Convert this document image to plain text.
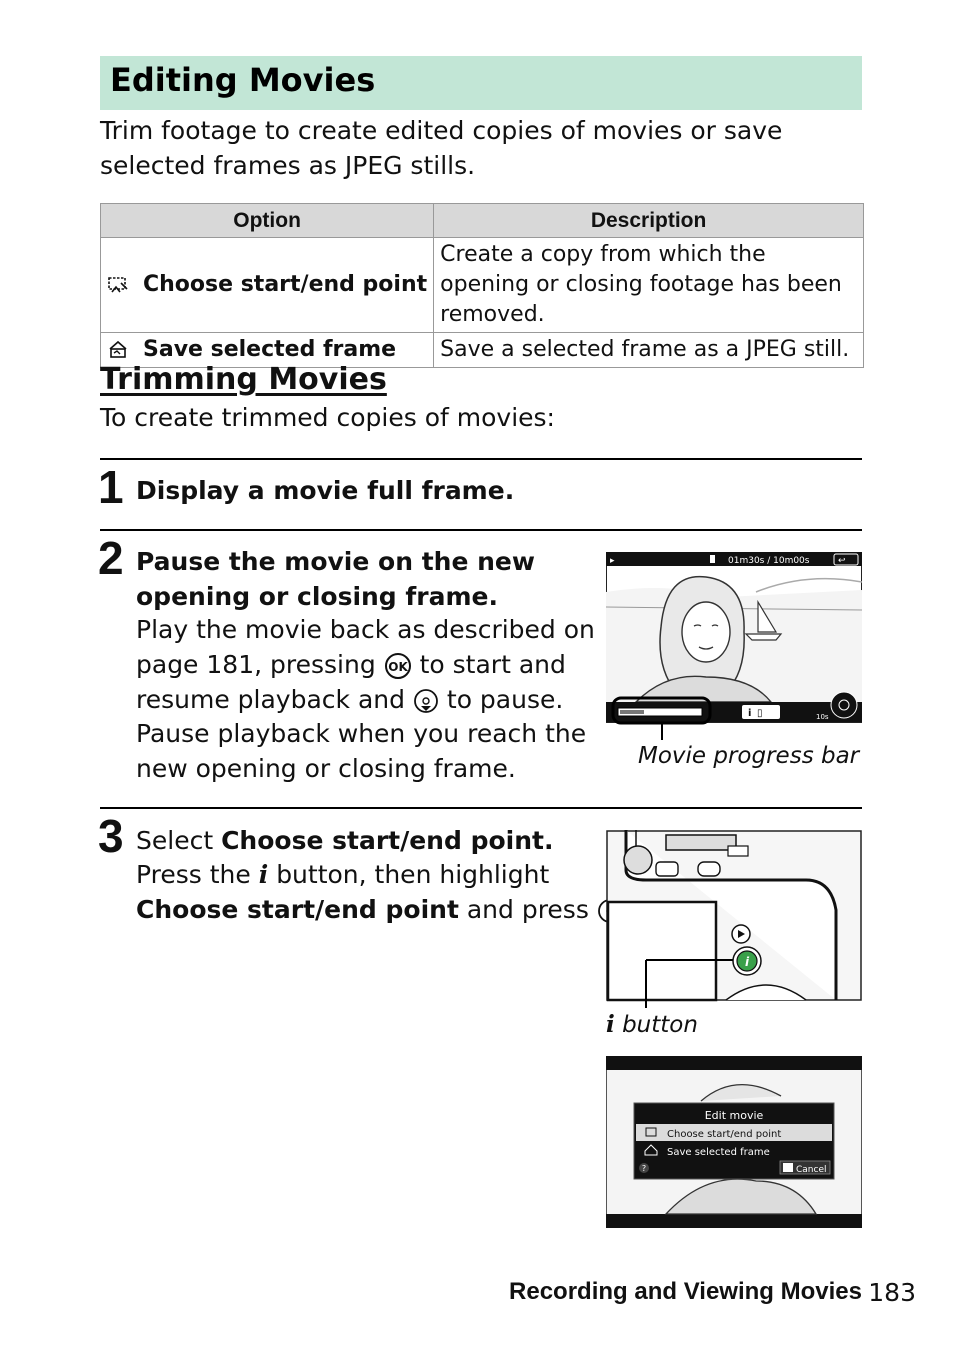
Editing Movies
Trim footage to create edited copies of movies or save selected frames as JPEG stills.
Option	Description
Choose start/end point	Create a copy from which the opening or closing footage has been removed.
Save selected frame	Save a selected frame as a JPEG still.
Trimming Movies
To create trimmed copies of movies:
1 Display a movie full frame.
2 Pause the movie on the new
opening or closing frame.
Play the movie back as described on
page 181, pressing OK to start and
resume playback and to pause.
Pause playback when you reach the
new opening or closing frame.
▸	01m30s / 10m00s	↩
i ▯	10s
Movie progress bar
3 Select Choose start/end point.
Press the i button, then highlight
Choose start/end point and press
i
i button
Edit movie
Choose start/end point
Save selected frame
?	Cancel
Recording and Viewing Movies 183
